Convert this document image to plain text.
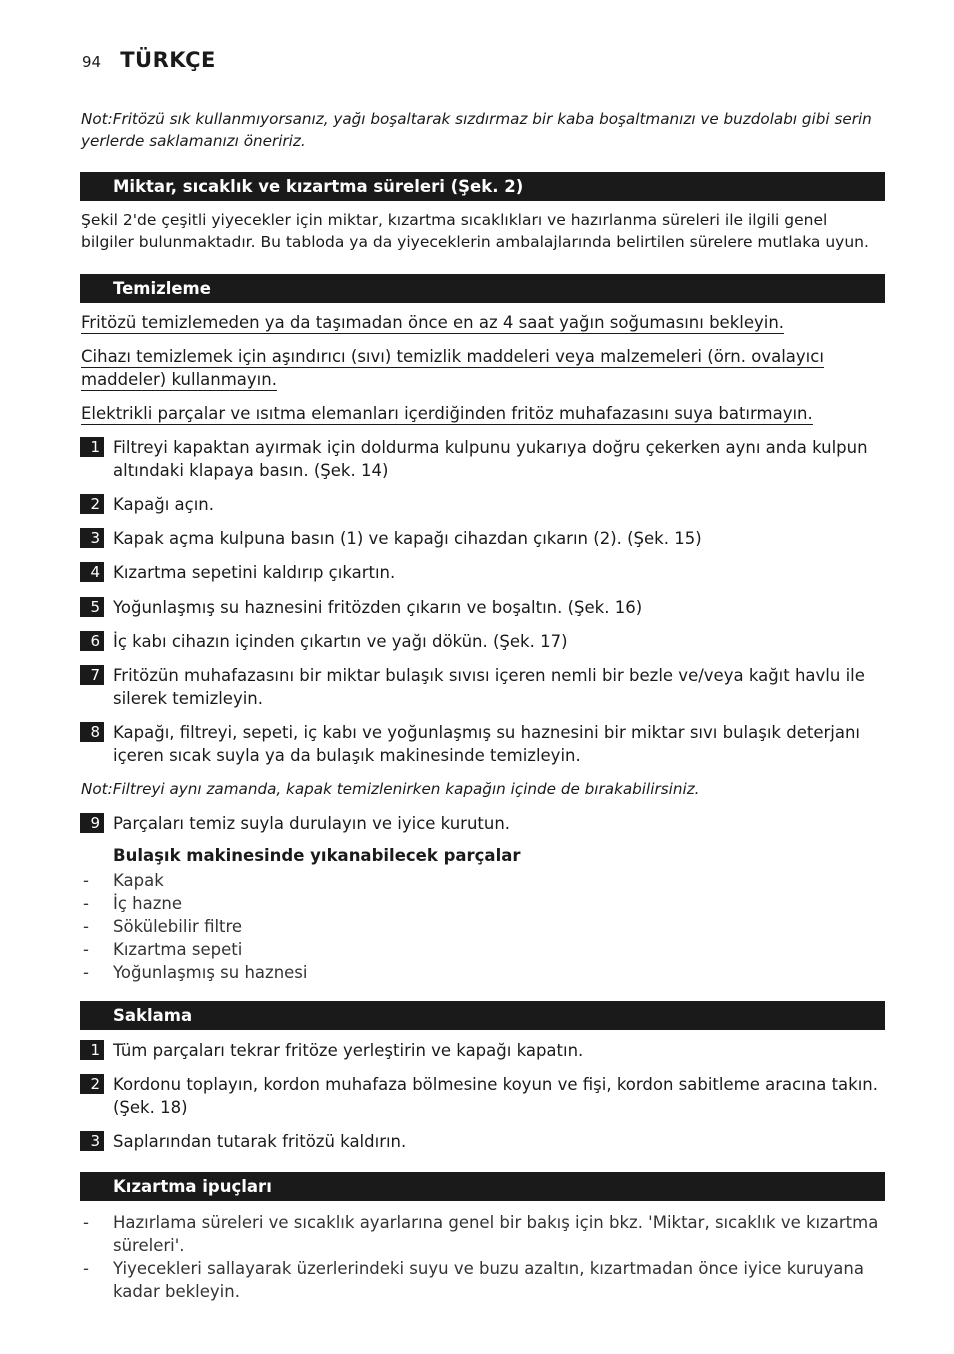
94 TÜRKÇE
Not:Fritözü sık kullanmıyorsanız, yağı boşaltarak sızdırmaz bir kaba boşaltmanızı ve buzdolabı gibi serin yerlerde saklamanızı öneririz.
Miktar, sıcaklık ve kızartma süreleri (Şek. 2)
Şekil 2'de çeşitli yiyecekler için miktar, kızartma sıcaklıkları ve hazırlanma süreleri ile ilgili genel bilgiler bulunmaktadır. Bu tabloda ya da yiyeceklerin ambalajlarında belirtilen sürelere mutlaka uyun.
Temizleme
Fritözü temizlemeden ya da taşımadan önce en az 4 saat yağın soğumasını bekleyin.
Cihazı temizlemek için aşındırıcı (sıvı) temizlik maddeleri veya malzemeleri (örn. ovalayıcı
maddeler) kullanmayın.
Elektrikli parçalar ve ısıtma elemanları içerdiğinden fritöz muhafazasını suya batırmayın.
1 Filtreyi kapaktan ayırmak için doldurma kulpunu yukarıya doğru çekerken aynı anda kulpun altındaki klapaya basın. (Şek. 14)
2 Kapağı açın.
3 Kapak açma kulpuna basın (1) ve kapağı cihazdan çıkarın (2). (Şek. 15)
4 Kızartma sepetini kaldırıp çıkartın.
5 Yoğunlaşmış su haznesini fritözden çıkarın ve boşaltın. (Şek. 16)
6 İç kabı cihazın içinden çıkartın ve yağı dökün. (Şek. 17)
7 Fritözün muhafazasını bir miktar bulaşık sıvısı içeren nemli bir bezle ve/veya kağıt havlu ile silerek temizleyin.
8 Kapağı, filtreyi, sepeti, iç kabı ve yoğunlaşmış su haznesini bir miktar sıvı bulaşık deterjanı içeren sıcak suyla ya da bulaşık makinesinde temizleyin.
Not:Filtreyi aynı zamanda, kapak temizlenirken kapağın içinde de bırakabilirsiniz.
9 Parçaları temiz suyla durulayın ve iyice kurutun.
Bulaşık makinesinde yıkanabilecek parçalar
- Kapak
- İç hazne
- Sökülebilir filtre
- Kızartma sepeti
- Yoğunlaşmış su haznesi
Saklama
1 Tüm parçaları tekrar fritöze yerleştirin ve kapağı kapatın.
2 Kordonu toplayın, kordon muhafaza bölmesine koyun ve fişi, kordon sabitleme aracına takın. (Şek. 18)
3 Saplarından tutarak fritözü kaldırın.
Kızartma ipuçları
- Hazırlama süreleri ve sıcaklık ayarlarına genel bir bakış için bkz. 'Miktar, sıcaklık ve kızartma süreleri'.
- Yiyecekleri sallayarak üzerlerindeki suyu ve buzu azaltın, kızartmadan önce iyice kuruyana kadar bekleyin.
